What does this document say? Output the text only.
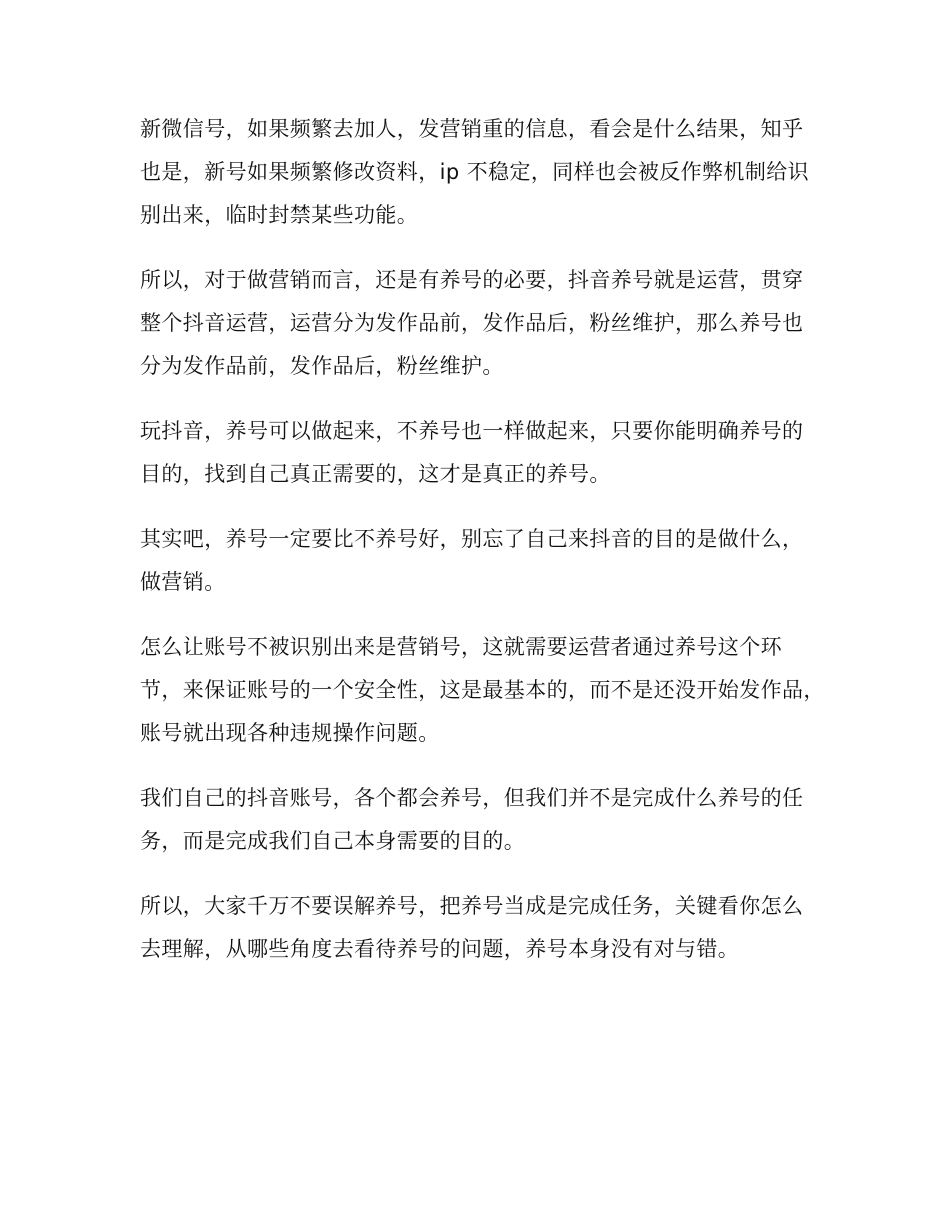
新微信号，如果频繁去加人，发营销重的信息，看会是什么结果，知乎
也是，新号如果频繁修改资料，ip 不稳定，同样也会被反作弊机制给识
别出来，临时封禁某些功能。

所以，对于做营销而言，还是有养号的必要，抖音养号就是运营，贯穿
整个抖音运营，运营分为发作品前，发作品后，粉丝维护，那么养号也
分为发作品前，发作品后，粉丝维护。

玩抖音，养号可以做起来，不养号也一样做起来，只要你能明确养号的
目的，找到自己真正需要的，这才是真正的养号。

其实吧，养号一定要比不养号好，别忘了自己来抖音的目的是做什么，
做营销。

怎么让账号不被识别出来是营销号，这就需要运营者通过养号这个环
节，来保证账号的一个安全性，这是最基本的，而不是还没开始发作品，
账号就出现各种违规操作问题。

我们自己的抖音账号，各个都会养号，但我们并不是完成什么养号的任
务，而是完成我们自己本身需要的目的。

所以，大家千万不要误解养号，把养号当成是完成任务，关键看你怎么
去理解，从哪些角度去看待养号的问题，养号本身没有对与错。
